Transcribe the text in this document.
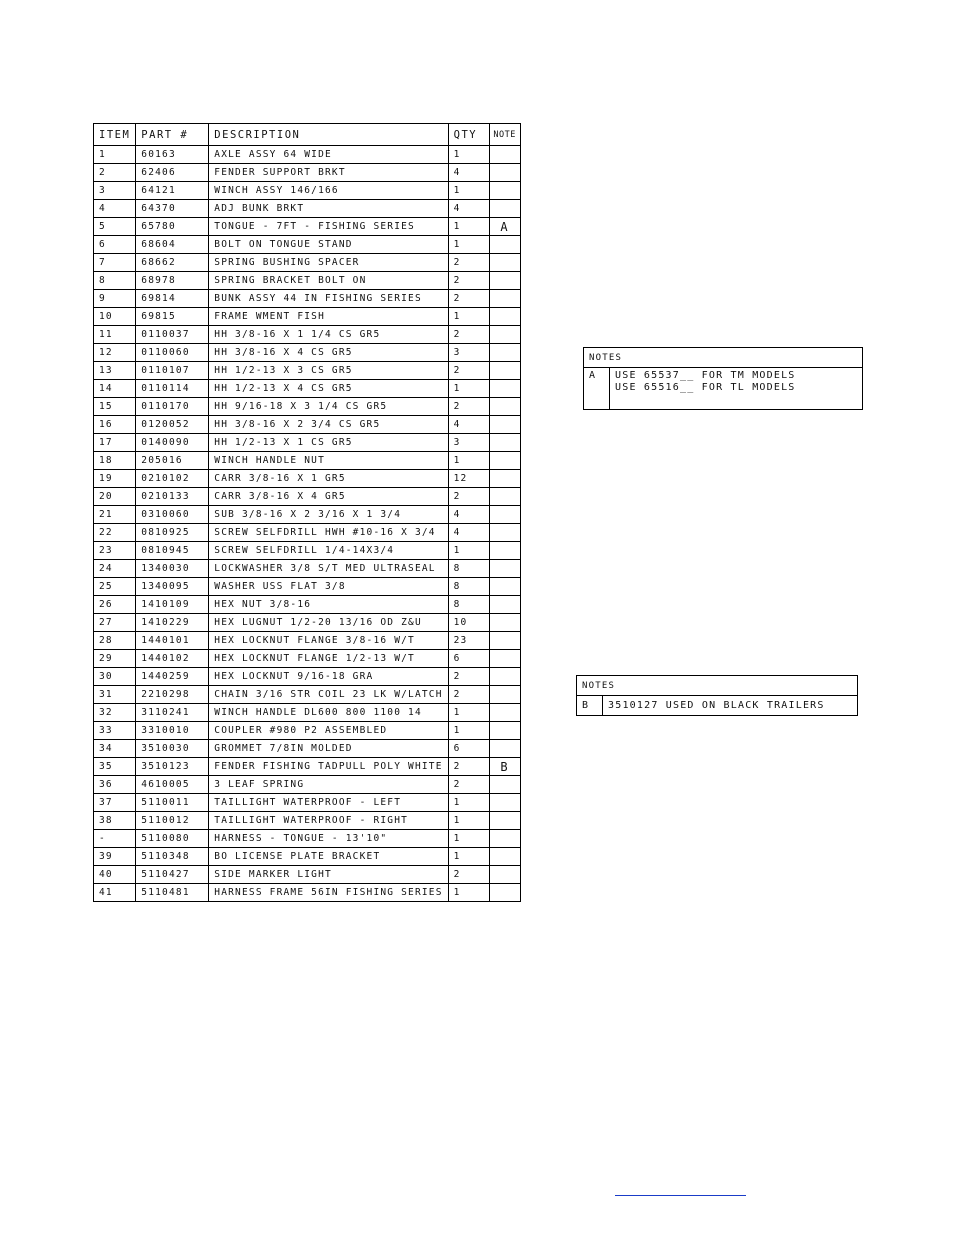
ITEM	PART #	DESCRIPTION	QTY	NOTE
1	60163	AXLE ASSY 64 WIDE	1	
2	62406	FENDER SUPPORT BRKT	4	
3	64121	WINCH ASSY 146/166	1	
4	64370	ADJ BUNK BRKT	4	
5	65780	TONGUE - 7FT - FISHING SERIES	1	A
6	68604	BOLT ON TONGUE STAND	1	
7	68662	SPRING BUSHING SPACER	2	
8	68978	SPRING BRACKET BOLT ON	2	
9	69814	BUNK ASSY 44 IN FISHING SERIES	2	
10	69815	FRAME WMENT FISH	1	
11	0110037	HH 3/8-16 X 1 1/4 CS GR5	2	
12	0110060	HH 3/8-16 X 4 CS GR5	3	
13	0110107	HH 1/2-13 X 3 CS GR5	2	
14	0110114	HH 1/2-13 X 4 CS GR5	1	
15	0110170	HH 9/16-18 X 3 1/4 CS GR5	2	
16	0120052	HH 3/8-16 X 2 3/4 CS GR5	4	
17	0140090	HH 1/2-13 X 1 CS GR5	3	
18	205016	WINCH HANDLE NUT	1	
19	0210102	CARR 3/8-16 X 1 GR5	12	
20	0210133	CARR 3/8-16 X 4 GR5	2	
21	0310060	SUB 3/8-16 X 2 3/16 X 1 3/4	4	
22	0810925	SCREW SELFDRILL HWH #10-16 X 3/4	4	
23	0810945	SCREW SELFDRILL 1/4-14X3/4	1	
24	1340030	LOCKWASHER 3/8 S/T MED ULTRASEAL	8	
25	1340095	WASHER USS FLAT 3/8	8	
26	1410109	HEX NUT 3/8-16	8	
27	1410229	HEX LUGNUT 1/2-20 13/16 OD Z&U	10	
28	1440101	HEX LOCKNUT FLANGE 3/8-16 W/T	23	
29	1440102	HEX LOCKNUT FLANGE 1/2-13 W/T	6	
30	1440259	HEX LOCKNUT 9/16-18 GRA	2	
31	2210298	CHAIN 3/16 STR COIL 23 LK W/LATCH	2	
32	3110241	WINCH HANDLE DL600 800 1100 14	1	
33	3310010	COUPLER #980 P2 ASSEMBLED	1	
34	3510030	GROMMET 7/8IN MOLDED	6	
35	3510123	FENDER FISHING TADPULL POLY WHITE	2	B
36	4610005	3 LEAF SPRING	2	
37	5110011	TAILLIGHT WATERPROOF - LEFT	1	
38	5110012	TAILLIGHT WATERPROOF - RIGHT	1	
-	5110080	HARNESS - TONGUE - 13'10"	1	
39	5110348	BO LICENSE PLATE BRACKET	1	
40	5110427	SIDE MARKER LIGHT	2	
41	5110481	HARNESS FRAME 56IN FISHING SERIES	1	
NOTES
A	USE 65537__ FOR TM MODELS
USE 65516__ FOR TL MODELS
NOTES
B	3510127 USED ON BLACK TRAILERS
